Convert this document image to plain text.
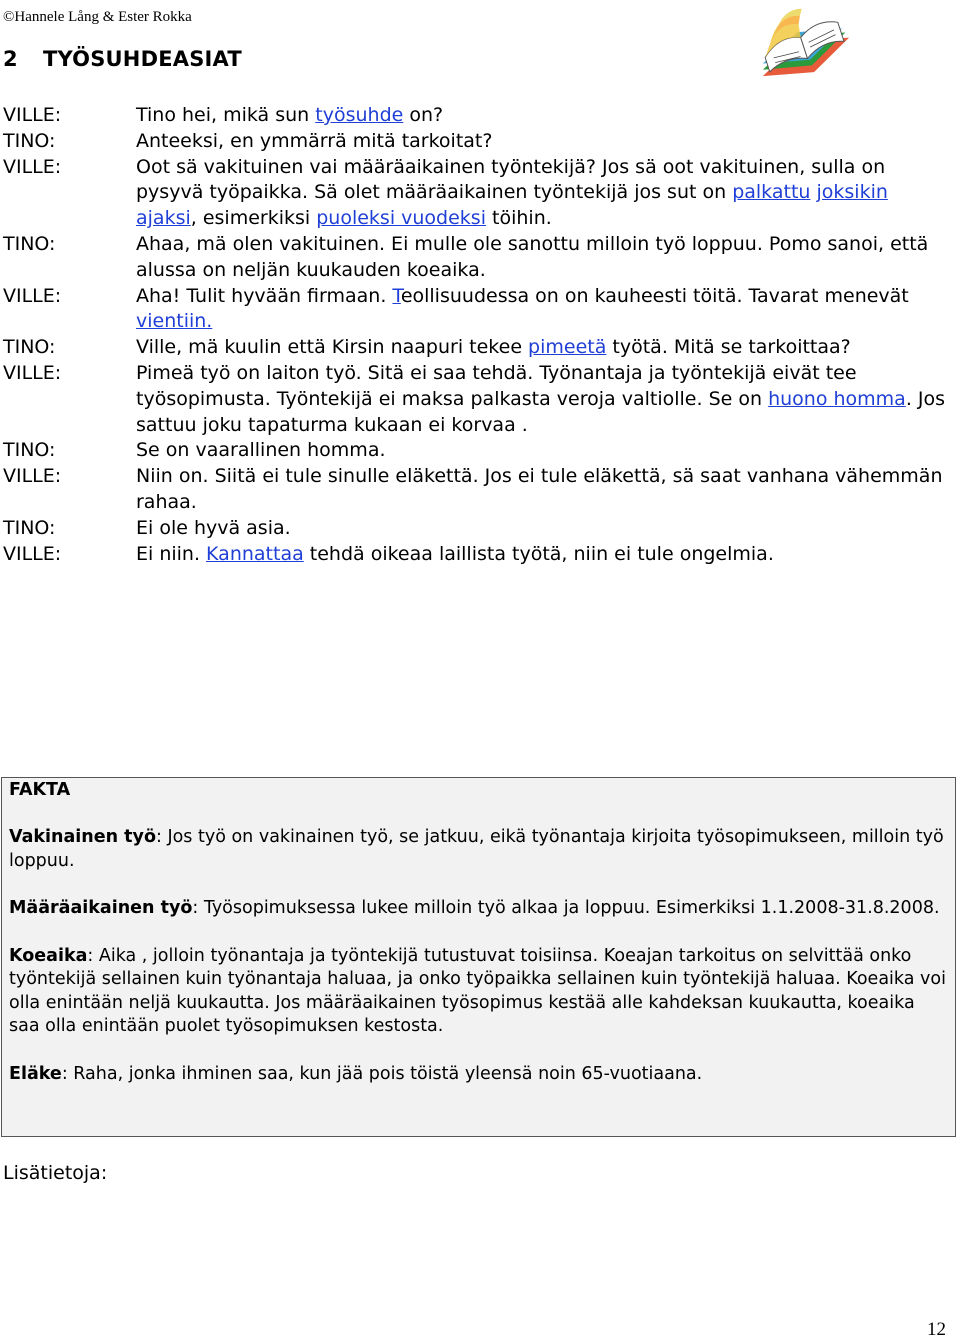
©Hannele Lång & Ester Rokka
2 TYÖSUHDEASIAT
VILLE:	Tino hei, mikä sun työsuhde on?
TINO:	Anteeksi, en ymmärrä mitä tarkoitat?
VILLE:	Oot sä vakituinen vai määräaikainen työntekijä? Jos sä oot vakituinen, sulla on pysyvä työpaikka. Sä olet määräaikainen työntekijä jos sut on palkattu joksikin ajaksi, esimerkiksi puoleksi vuodeksi töihin.
TINO:	Ahaa, mä olen vakituinen. Ei mulle ole sanottu milloin työ loppuu. Pomo sanoi, että alussa on neljän kuukauden koeaika.
VILLE:	Aha! Tulit hyvään firmaan. Teollisuudessa on on kauheesti töitä. Tavarat menevät vientiin.
TINO:	Ville, mä kuulin että Kirsin naapuri tekee pimeetä työtä. Mitä se tarkoittaa?
VILLE:	Pimeä työ on laiton työ. Sitä ei saa tehdä. Työnantaja ja työntekijä eivät tee työsopimusta. Työntekijä ei maksa palkasta veroja valtiolle. Se on huono homma. Jos sattuu joku tapaturma kukaan ei korvaa .
TINO:	Se on vaarallinen homma.
VILLE:	Niin on. Siitä ei tule sinulle eläkettä. Jos ei tule eläkettä, sä saat vanhana vähemmän rahaa.
TINO:	Ei ole hyvä asia.
VILLE:	Ei niin. Kannattaa tehdä oikeaa laillista työtä, niin ei tule ongelmia.
FAKTA

Vakinainen työ: Jos työ on vakinainen työ, se jatkuu, eikä työnantaja kirjoita työsopimukseen, milloin työ loppuu.

Määräaikainen työ: Työsopimuksessa lukee milloin työ alkaa ja loppuu. Esimerkiksi 1.1.2008-31.8.2008.

Koeaika: Aika , jolloin työnantaja ja työntekijä tutustuvat toisiinsa. Koeajan tarkoitus on selvittää onko työntekijä sellainen kuin työnantaja haluaa, ja onko työpaikka sellainen kuin työntekijä haluaa. Koeaika voi olla enintään neljä kuukautta. Jos määräaikainen työsopimus kestää alle kahdeksan kuukautta, koeaika saa olla enintään puolet työsopimuksen kestosta.

Eläke: Raha, jonka ihminen saa, kun jää pois töistä yleensä noin 65-vuotiaana.

Lisätietoja:
12
